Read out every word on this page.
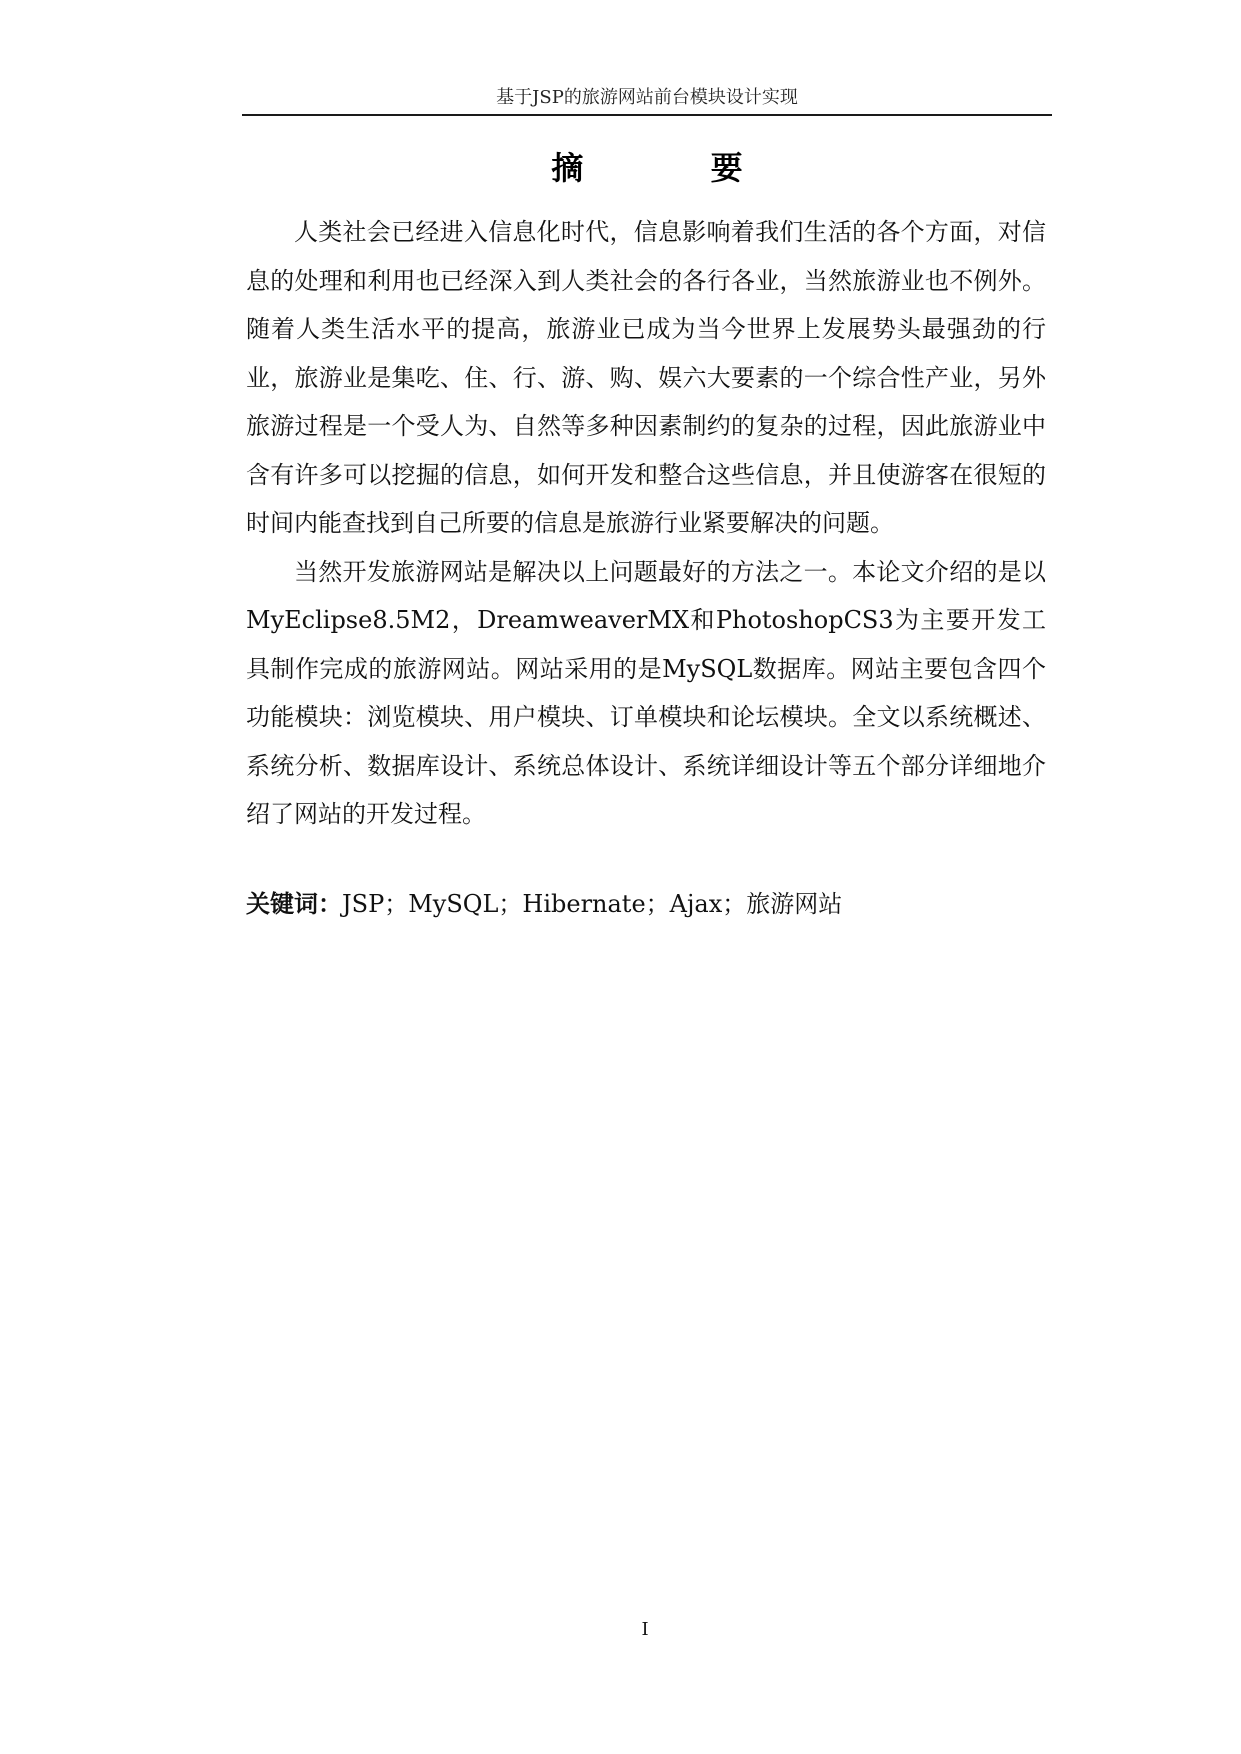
基于JSP的旅游网站前台模块设计实现
摘 要

人类社会已经进入信息化时代，信息影响着我们生活的各个方面，对信息的处理和利用也已经深入到人类社会的各行各业，当然旅游业也不例外。随着人类生活水平的提高，旅游业已成为当今世界上发展势头最强劲的行业，旅游业是集吃、住、行、游、购、娱六大要素的一个综合性产业，另外旅游过程是一个受人为、自然等多种因素制约的复杂的过程，因此旅游业中含有许多可以挖掘的信息，如何开发和整合这些信息，并且使游客在很短的时间内能查找到自己所要的信息是旅游行业紧要解决的问题。

当然开发旅游网站是解决以上问题最好的方法之一。本论文介绍的是以MyEclipse8.5M2，DreamweaverMX和PhotoshopCS3为主要开发工具制作完成的旅游网站。网站采用的是MySQL数据库。网站主要包含四个功能模块：浏览模块、用户模块、订单模块和论坛模块。全文以系统概述、系统分析、数据库设计、系统总体设计、系统详细设计等五个部分详细地介绍了网站的开发过程。

关键词：JSP；MySQL；Hibernate；Ajax；旅游网站
I
